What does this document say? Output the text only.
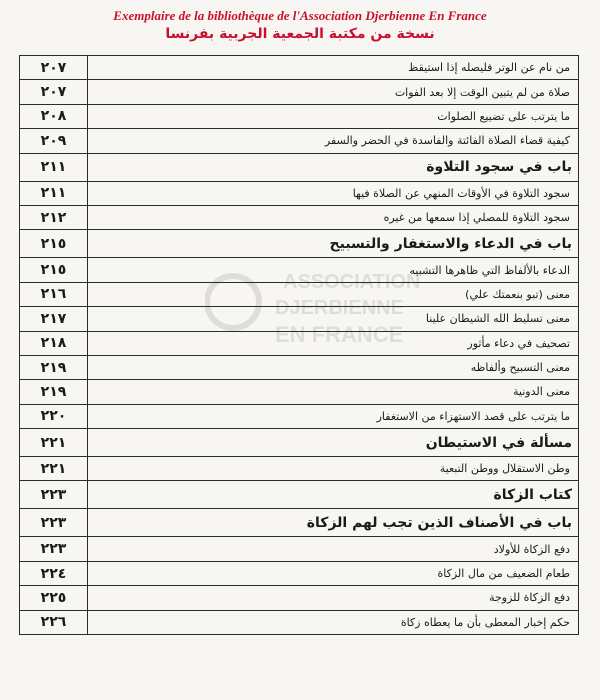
Exemplaire de la bibliothèque de l'Association Djerbienne En France
نسخة من مكتبة الجمعية الجربية بفرنسا
ASSOCIATION
DJERBIENNE
EN FRANCE
٢٠٧	من نام عن الوتر فليصله إذا استيقظ
٢٠٧	صلاة من لم يتبين الوقت إلا بعد الفوات
٢٠٨	ما يترتب على تضييع الصلوات
٢٠٩	كيفية قضاء الصلاة الفائتة والفاسدة في الحضر والسفر
٢١١	باب في سجود التلاوة
٢١١	سجود التلاوة في الأوقات المنهي عن الصلاة فيها
٢١٢	سجود التلاوة للمصلي إذا سمعها من غيره
٢١٥	باب في الدعاء والاستغفار والتسبيح
٢١٥	الدعاء بالألفاظ التي ظاهرها التشبيه
٢١٦	معنى (تبو بنعمتك علي)
٢١٧	معنى تسليط الله الشيطان علينا
٢١٨	تصحيف في دعاء مأثور
٢١٩	معنى التسبيح وألفاظه
٢١٩	معنى الدونية
٢٢٠	ما يترتب على قصد الاستهزاء من الاستغفار
٢٢١	مسألة في الاستيطان
٢٢١	وطن الاستقلال ووطن التبعية
٢٢٣	كتاب الزكاة
٢٢٣	باب في الأصناف الذين تجب لهم الزكاة
٢٢٣	دفع الزكاة للأولاد
٢٢٤	طعام الضعيف من مال الزكاة
٢٢٥	دفع الزكاة للزوجة
٢٢٦	حكم إخبار المعطى بأن ما يعطاه زكاة
